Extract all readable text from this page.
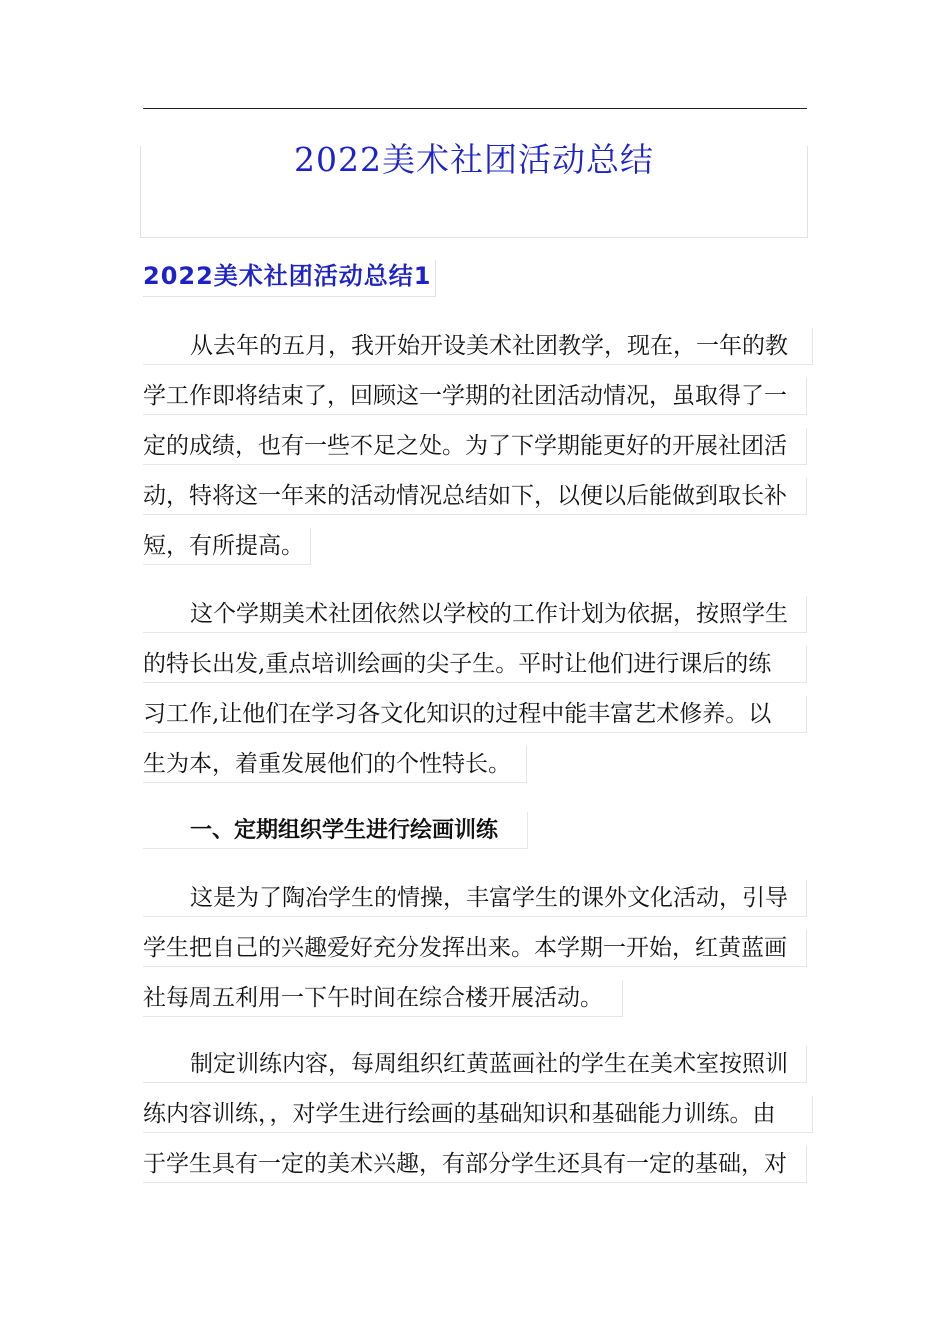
2022美术社团活动总结
2022美术社团活动总结1
从去年的五月，我开始开设美术社团教学，现在，一年的教
学工作即将结束了，回顾这一学期的社团活动情况，虽取得了一
定的成绩，也有一些不足之处。为了下学期能更好的开展社团活
动，特将这一年来的活动情况总结如下，以便以后能做到取长补
短，有所提高。
这个学期美术社团依然以学校的工作计划为依据，按照学生
的特长出发,重点培训绘画的尖子生。平时让他们进行课后的练
习工作,让他们在学习各文化知识的过程中能丰富艺术修养。以
生为本，着重发展他们的个性特长。
一、定期组织学生进行绘画训练
这是为了陶冶学生的情操，丰富学生的课外文化活动，引导
学生把自己的兴趣爱好充分发挥出来。本学期一开始，红黄蓝画
社每周五利用一下午时间在综合楼开展活动。
制定训练内容，每周组织红黄蓝画社的学生在美术室按照训
练内容训练，，对学生进行绘画的基础知识和基础能力训练。由
于学生具有一定的美术兴趣，有部分学生还具有一定的基础，对
